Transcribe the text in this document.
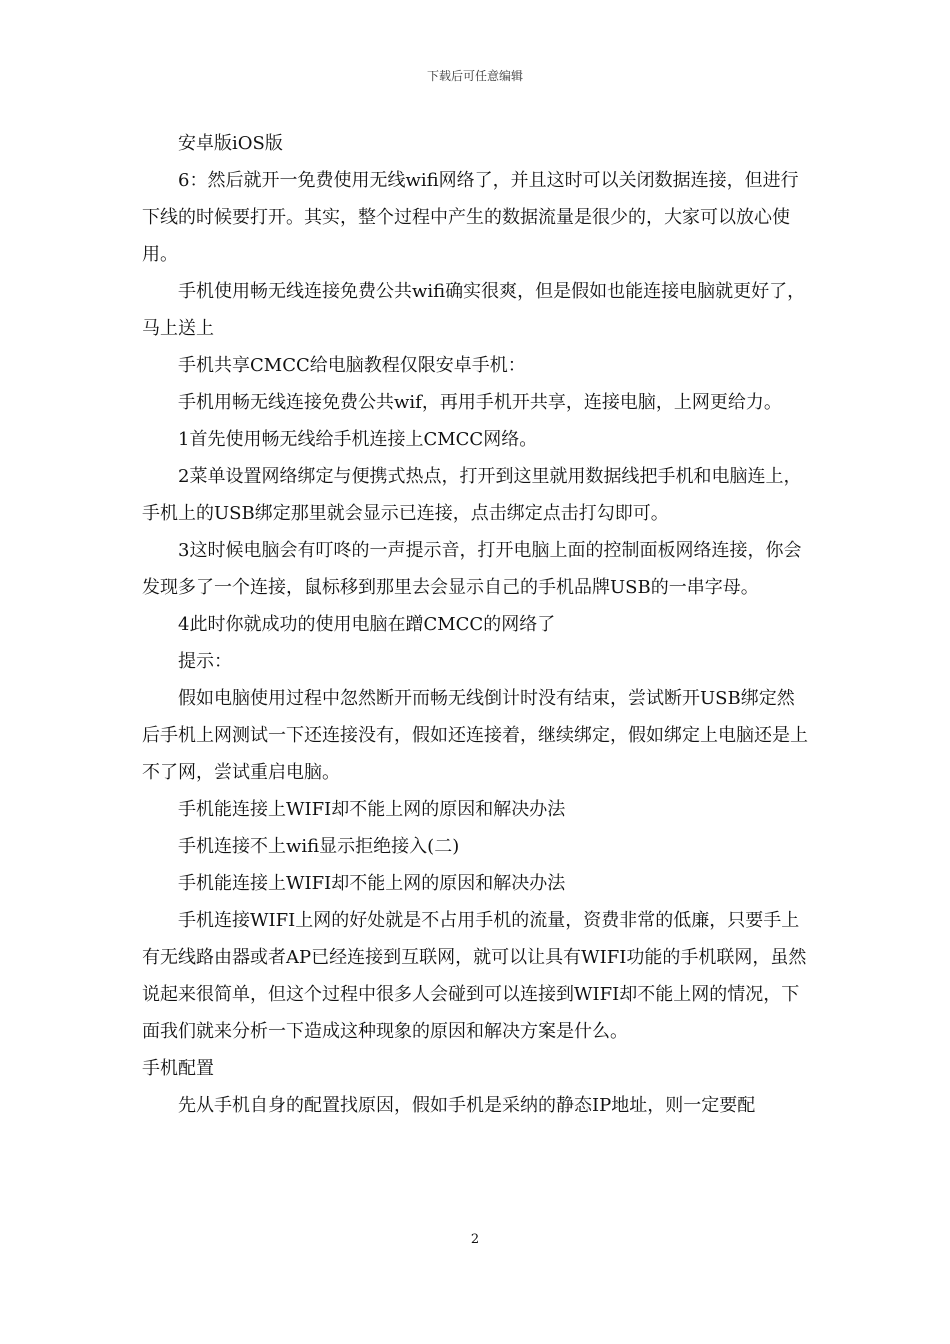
下载后可任意编辑

安卓版iOS版

6：然后就开一免费使用无线wifi网络了，并且这时可以关闭数据连接，但进行下线的时候要打开。其实，整个过程中产生的数据流量是很少的，大家可以放心使用。

手机使用畅无线连接免费公共wifi确实很爽，但是假如也能连接电脑就更好了，马上送上

手机共享CMCC给电脑教程仅限安卓手机：

手机用畅无线连接免费公共wif，再用手机开共享，连接电脑，上网更给力。

1首先使用畅无线给手机连接上CMCC网络。

2菜单设置网络绑定与便携式热点，打开到这里就用数据线把手机和电脑连上，手机上的USB绑定那里就会显示已连接，点击绑定点击打勾即可。

3这时候电脑会有叮咚的一声提示音，打开电脑上面的控制面板网络连接，你会发现多了一个连接，鼠标移到那里去会显示自己的手机品牌USB的一串字母。

4此时你就成功的使用电脑在蹭CMCC的网络了

提示：

假如电脑使用过程中忽然断开而畅无线倒计时没有结束，尝试断开USB绑定然后手机上网测试一下还连接没有，假如还连接着，继续绑定，假如绑定上电脑还是上不了网，尝试重启电脑。

手机能连接上WIFI却不能上网的原因和解决办法

手机连接不上wifi显示拒绝接入(二)

手机能连接上WIFI却不能上网的原因和解决办法

手机连接WIFI上网的好处就是不占用手机的流量，资费非常的低廉，只要手上有无线路由器或者AP已经连接到互联网，就可以让具有WIFI功能的手机联网，虽然说起来很简单，但这个过程中很多人会碰到可以连接到WIFI却不能上网的情况，下面我们就来分析一下造成这种现象的原因和解决方案是什么。

手机配置

先从手机自身的配置找原因，假如手机是采纳的静态IP地址，则一定要配

2
